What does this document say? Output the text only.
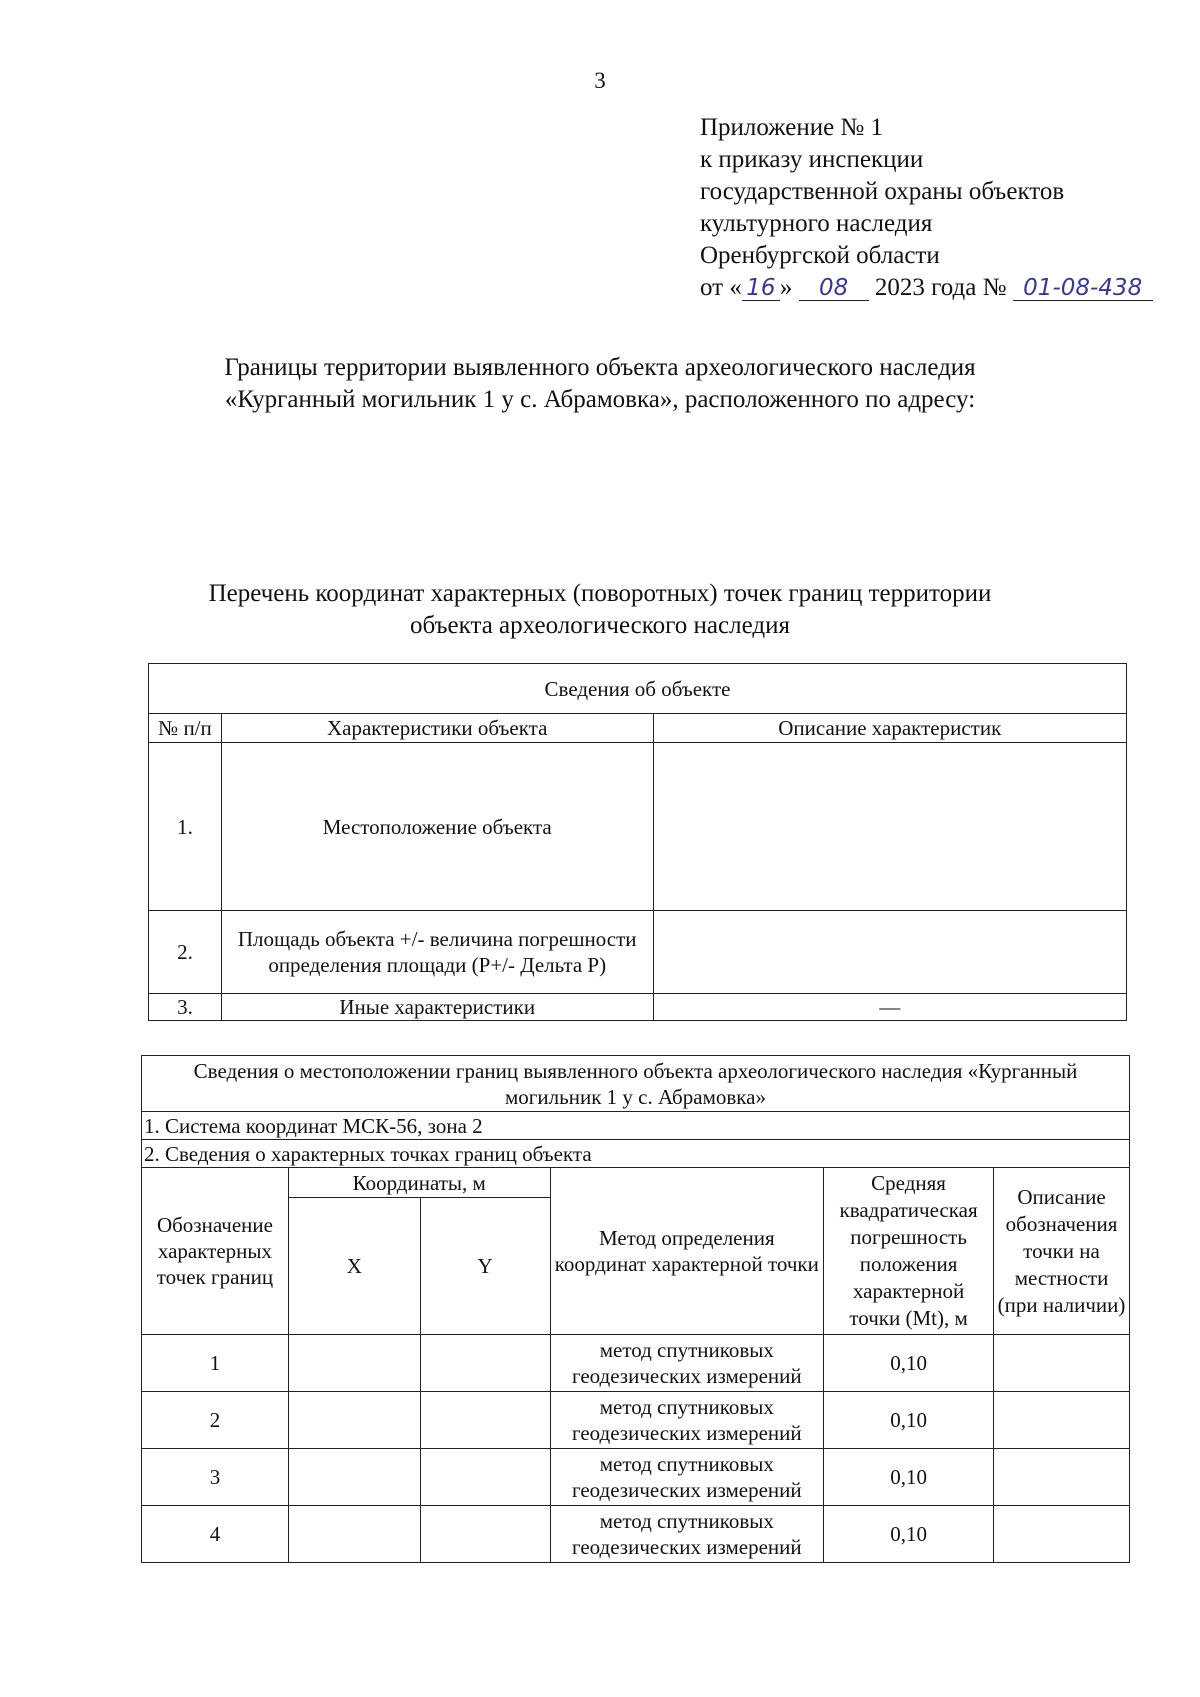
3
Приложение № 1
к приказу инспекции
государственной охраны объектов
культурного наследия
Оренбургской области
от « 16 » 08 2023 года № 01-08-438
Границы территории выявленного объекта археологического наследия
«Курганный могильник 1 у с. Абрамовка», расположенного по адресу:
Перечень координат характерных (поворотных) точек границ территории
объекта археологического наследия
Сведения об объекте		
№ п/п	Характеристики объекта	Описание характеристик
1.	Местоположение объекта	
2.	Площадь объекта +/- величина погрешности определения площади (Р+/- Дельта Р)	
3.	Иные характеристики	—
Сведения о местоположении границ выявленного объекта археологического наследия «Курганный могильник 1 у с. Абрамовка»					
1. Система координат МСК-56, зона 2					
2. Сведения о характерных точках границ объекта					
Обозначение характерных точек границ	Координаты, м		Метод определения координат характерной точки	Средняя квадратическая погрешность положения характерной точки (Mt), м	Описание обозначения точки на местности (при наличии)
	X	Y			
1			метод спутниковых геодезических измерений	0,10	
2			метод спутниковых геодезических измерений	0,10	
3			метод спутниковых геодезических измерений	0,10	
4			метод спутниковых геодезических измерений	0,10	
